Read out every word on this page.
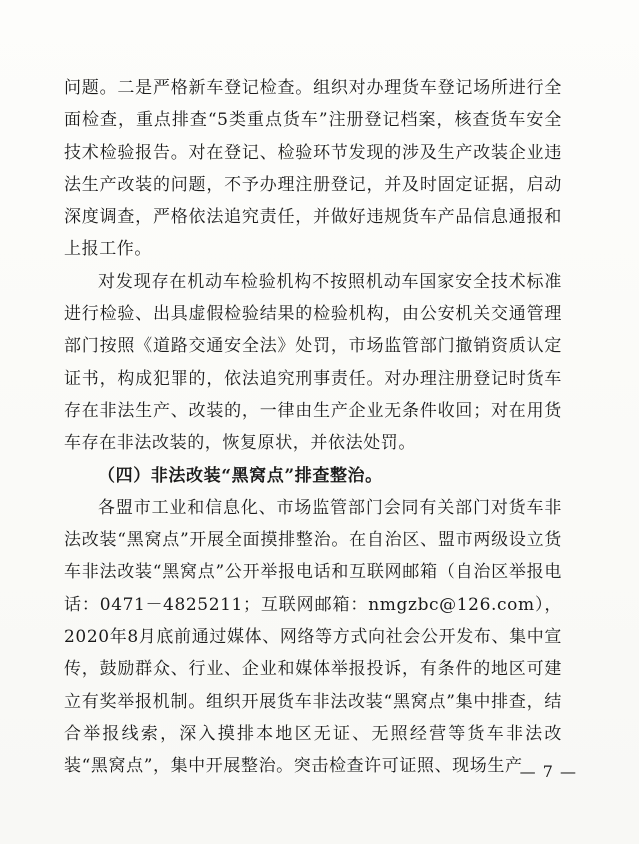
问题。二是严格新车登记检查。组织对办理货车登记场所进行全面检查，重点排查“5类重点货车”注册登记档案，核查货车安全技术检验报告。对在登记、检验环节发现的涉及生产改装企业违法生产改装的问题，不予办理注册登记，并及时固定证据，启动深度调查，严格依法追究责任，并做好违规货车产品信息通报和上报工作。

对发现存在机动车检验机构不按照机动车国家安全技术标准进行检验、出具虚假检验结果的检验机构，由公安机关交通管理部门按照《道路交通安全法》处罚，市场监管部门撤销资质认定证书，构成犯罪的，依法追究刑事责任。对办理注册登记时货车存在非法生产、改装的，一律由生产企业无条件收回；对在用货车存在非法改装的，恢复原状，并依法处罚。

（四）非法改装“黑窝点”排查整治。

各盟市工业和信息化、市场监管部门会同有关部门对货车非法改装“黑窝点”开展全面摸排整治。在自治区、盟市两级设立货车非法改装“黑窝点”公开举报电话和互联网邮箱（自治区举报电话：0471－4825211；互联网邮箱：nmgzbc@126.com），2020年8月底前通过媒体、网络等方式向社会公开发布、集中宣传，鼓励群众、行业、企业和媒体举报投诉，有条件的地区可建立有奖举报机制。组织开展货车非法改装“黑窝点”集中排查，结合举报线索，深入摸排本地区无证、无照经营等货车非法改装“黑窝点”，集中开展整治。突击检查许可证照、现场生产

— 7 —
